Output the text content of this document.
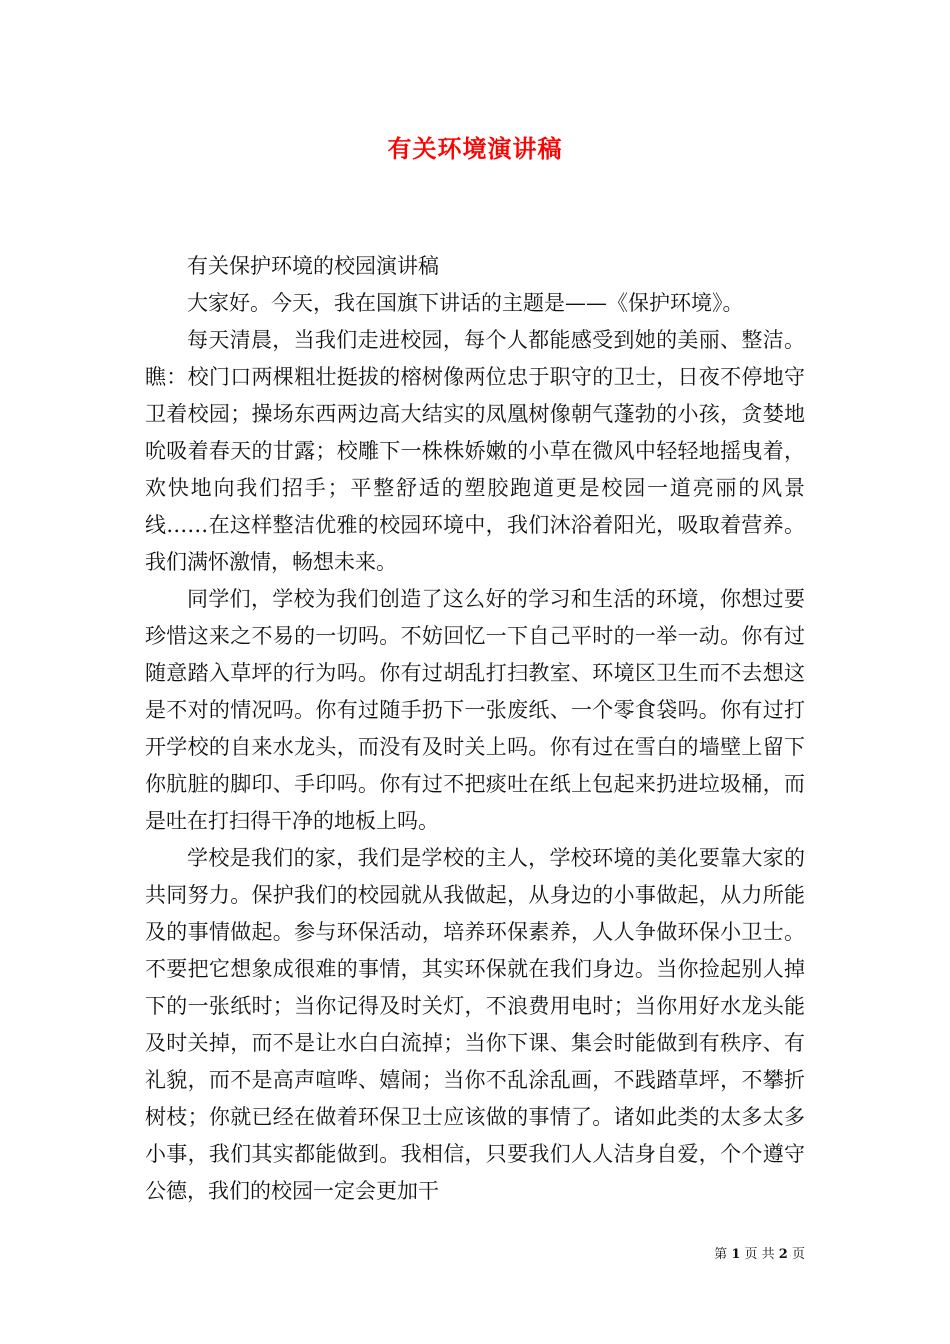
有关环境演讲稿

有关保护环境的校园演讲稿

大家好。今天，我在国旗下讲话的主题是——《保护环境》。

每天清晨，当我们走进校园，每个人都能感受到她的美丽、整洁。瞧：校门口两棵粗壮挺拔的榕树像两位忠于职守的卫士，日夜不停地守卫着校园；操场东西两边高大结实的凤凰树像朝气蓬勃的小孩，贪婪地吮吸着春天的甘露；校雕下一株株娇嫩的小草在微风中轻轻地摇曳着，欢快地向我们招手；平整舒适的塑胶跑道更是校园一道亮丽的风景线……在这样整洁优雅的校园环境中，我们沐浴着阳光，吸取着营养。我们满怀激情，畅想未来。

同学们，学校为我们创造了这么好的学习和生活的环境，你想过要珍惜这来之不易的一切吗。不妨回忆一下自己平时的一举一动。你有过随意踏入草坪的行为吗。你有过胡乱打扫教室、环境区卫生而不去想这是不对的情况吗。你有过随手扔下一张废纸、一个零食袋吗。你有过打开学校的自来水龙头，而没有及时关上吗。你有过在雪白的墙壁上留下你肮脏的脚印、手印吗。你有过不把痰吐在纸上包起来扔进垃圾桶，而是吐在打扫得干净的地板上吗。

学校是我们的家，我们是学校的主人，学校环境的美化要靠大家的共同努力。保护我们的校园就从我做起，从身边的小事做起，从力所能及的事情做起。参与环保活动，培养环保素养，人人争做环保小卫士。不要把它想象成很难的事情，其实环保就在我们身边。当你捡起别人掉下的一张纸时；当你记得及时关灯，不浪费用电时；当你用好水龙头能及时关掉，而不是让水白白流掉；当你下课、集会时能做到有秩序、有礼貌，而不是高声喧哗、嬉闹；当你不乱涂乱画，不践踏草坪，不攀折树枝；你就已经在做着环保卫士应该做的事情了。诸如此类的太多太多小事，我们其实都能做到。我相信，只要我们人人洁身自爱，个个遵守公德，我们的校园一定会更加干

第 1 页 共 2 页
